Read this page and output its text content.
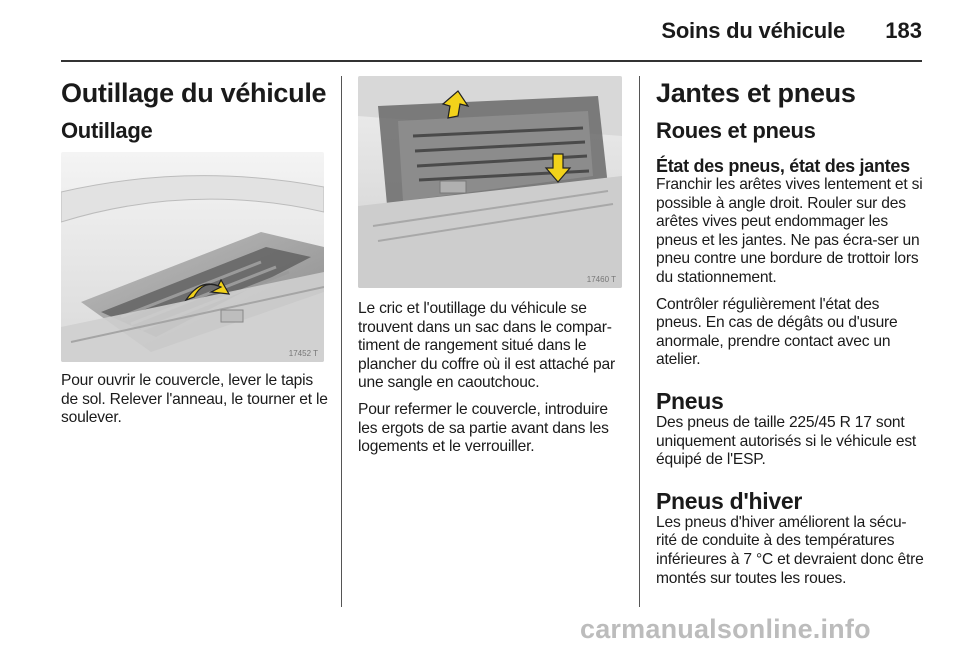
Soins du véhicule	183
Outillage du véhicule
Outillage
17452 T

Pour ouvrir le couvercle, lever le tapis de sol. Relever l'anneau, le tourner et le soulever.

17460 T

Le cric et l'outillage du véhicule se trouvent dans un sac dans le compar-timent de rangement situé dans le plancher du coffre où il est attaché par une sangle en caoutchouc.

Pour refermer le couvercle, introduire les ergots de sa partie avant dans les logements et le verrouiller.

Jantes et pneus
Roues et pneus
État des pneus, état des jantes

Franchir les arêtes vives lentement et si possible à angle droit. Rouler sur des arêtes vives peut endommager les pneus et les jantes. Ne pas écra-ser un pneu contre une bordure de trottoir lors du stationnement.

Contrôler régulièrement l'état des pneus. En cas de dégâts ou d'usure anormale, prendre contact avec un atelier.

Pneus

Des pneus de taille 225/45 R 17 sont uniquement autorisés si le véhicule est équipé de l'ESP.

Pneus d'hiver

Les pneus d'hiver améliorent la sécu-rité de conduite à des températures inférieures à 7 °C et devraient donc être montés sur toutes les roues.

carmanualsonline.info
